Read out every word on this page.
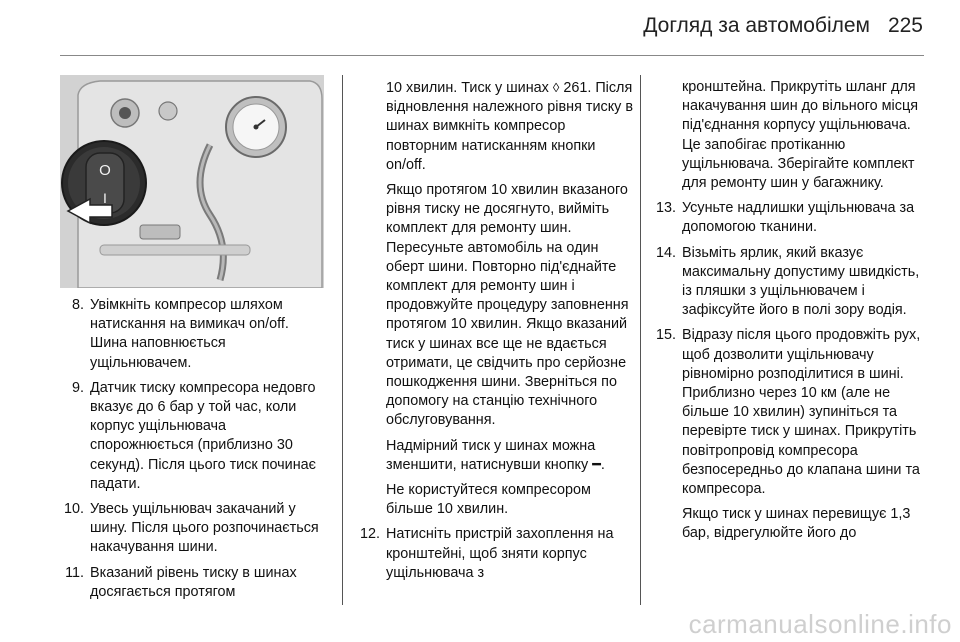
Догляд за автомобілем 225
O
I
8. Увімкніть компресор шляхом натискання на вимикач on/off. Шина наповнюється ущільнювачем.
9. Датчик тиску компресора недовго вказує до 6 бар у той час, коли корпус ущільнювача спорожнюється (приблизно 30 секунд). Після цього тиск починає падати.
10. Увесь ущільнювач закачаний у шину. Після цього розпочинається накачування шини.
11. Вказаний рівень тиску в шинах досягається протягом

10 хвилин. Тиск у шинах ◊ 261. Після відновлення належного рівня тиску в шинах вимкніть компресор повторним натисканням кнопки on/off.

Якщо протягом 10 хвилин вказаного рівня тиску не досягнуто, вийміть комплект для ремонту шин. Пересуньте автомобіль на один оберт шини. Повторно під'єднайте комплект для ремонту шин і продовжуйте процедуру заповнення протягом 10 хвилин. Якщо вказаний тиск у шинах все ще не вдається отримати, це свідчить про серйозне пошкодження шини. Зверніться по допомогу на станцію технічного обслуговування.

Надмірний тиск у шинах можна зменшити, натиснувши кнопку ━.

Не користуйтеся компресором більше 10 хвилин.

12. Натисніть пристрій захоплення на кронштейні, щоб зняти корпус ущільнювача з

кронштейна. Прикрутіть шланг для накачування шин до вільного місця під'єднання корпусу ущільнювача. Це запобігає протіканню ущільнювача. Зберігайте комплект для ремонту шин у багажнику.

13. Усуньте надлишки ущільнювача за допомогою тканини.
14. Візьміть ярлик, який вказує максимальну допустиму швидкість, із пляшки з ущільнювачем і зафіксуйте його в полі зору водія.
15. Відразу після цього продовжіть рух, щоб дозволити ущільнювачу рівномірно розподілитися в шині. Приблизно через 10 км (але не більше 10 хвилин) зупиніться та перевірте тиск у шинах. Прикрутіть повітропровід компресора безпосередньо до клапана шини та компресора.

Якщо тиск у шинах перевищує 1,3 бар, відрегулюйте його до

carmanualsonline.info
